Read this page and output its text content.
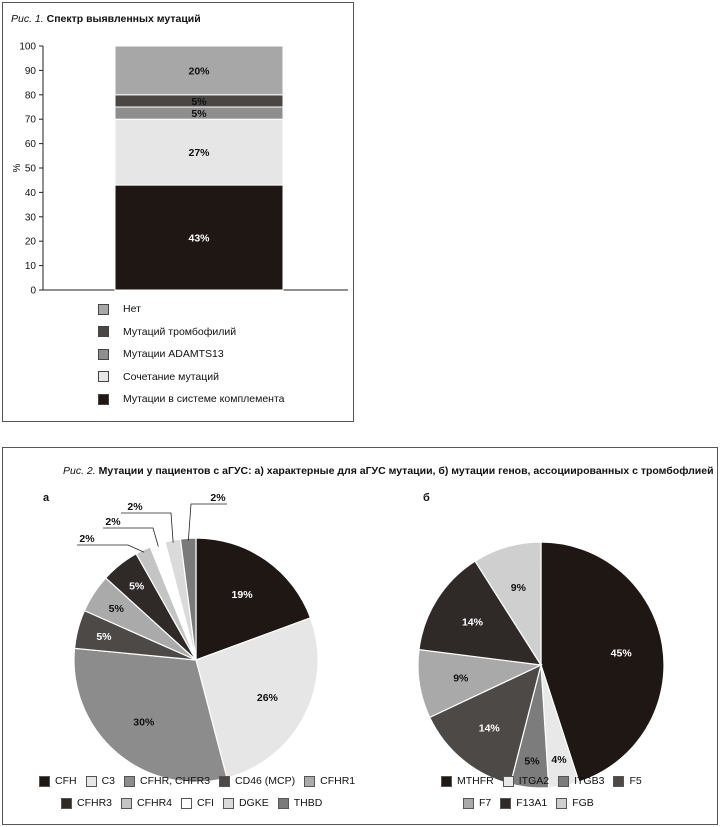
Рис. 1. Спектр выявленных мутаций
0
10
20
30
40
50
60
70
80
90
100
%
43%
27%
5%
5%
20%
Нет
Мутаций тромбофилий
Мутации ADAMTS13
Сочетание мутаций
Мутации в системе комплемента
Рис. 2. Мутации у пациентов с аГУС: а) характерные для аГУС мутации, б) мутации генов, ассоциированных с тромбофлией
а	б
19%
26%
30%
5%
5%
5%
2%
2%
2%
2%
45%
4%
5%
14%
9%
14%
9%
CFH C3 CFHR, CHFR3 CD46 (MCP) CFHR1
CFHR3 CFHR4 CFI DGKE THBD
MTHFR ITGA2 ITGB3 F5
F7 F13A1 FGB
